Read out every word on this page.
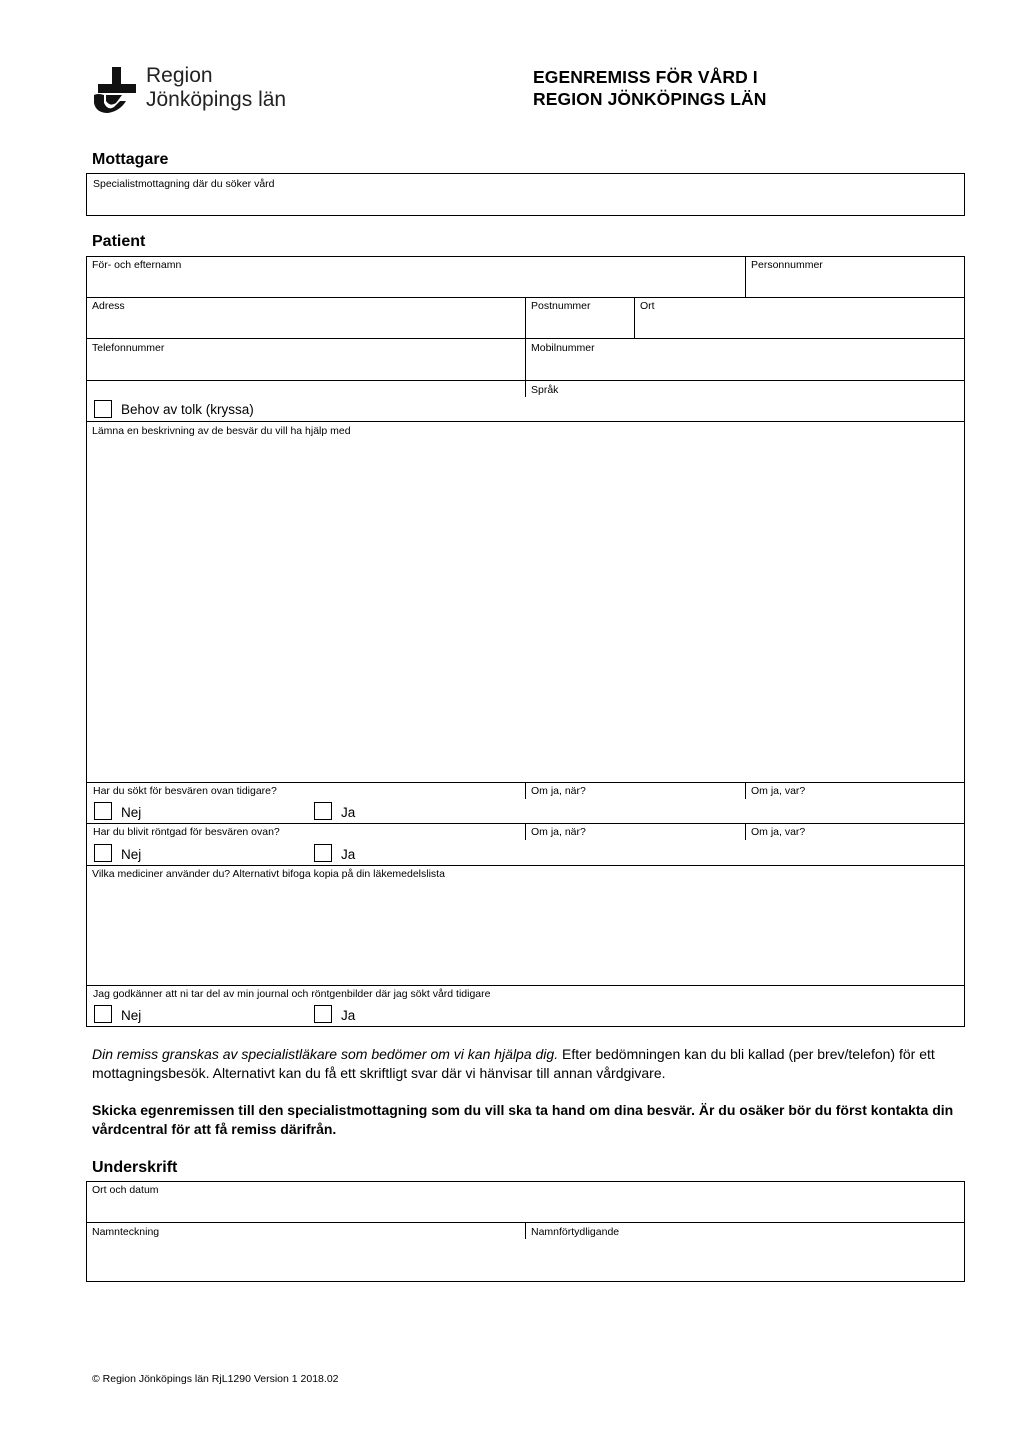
Region
Jönköpings län
EGENREMISS FÖR VÅRD I
REGION JÖNKÖPINGS LÄN
Mottagare
Specialistmottagning där du söker vård
Patient
För- och efternamn	Personnummer
Adress	Postnummer	Ort
Telefonnummer	Mobilnummer
Behov av tolk (kryssa)
Språk
Lämna en beskrivning av de besvär du vill ha hjälp med
Har du sökt för besvären ovan tidigare?	Om ja, när?	Om ja, var?
Nej	Ja
Har du blivit röntgad för besvären ovan?	Om ja, när?	Om ja, var?
Nej	Ja
Vilka mediciner använder du? Alternativt bifoga kopia på din läkemedelslista
Jag godkänner att ni tar del av min journal och röntgenbilder där jag sökt vård tidigare
Nej	Ja
Din remiss granskas av specialistläkare som bedömer om vi kan hjälpa dig. Efter bedömningen kan du bli kallad (per brev/telefon) för ett mottagningsbesök. Alternativt kan du få ett skriftligt svar där vi hänvisar till annan vårdgivare.
Skicka egenremissen till den specialistmottagning som du vill ska ta hand om dina besvär. Är du osäker bör du först kontakta din vårdcentral för att få remiss därifrån.
Underskrift
Ort och datum
Namnteckning	Namnförtydligande
© Region Jönköpings län RjL1290 Version 1 2018.02
